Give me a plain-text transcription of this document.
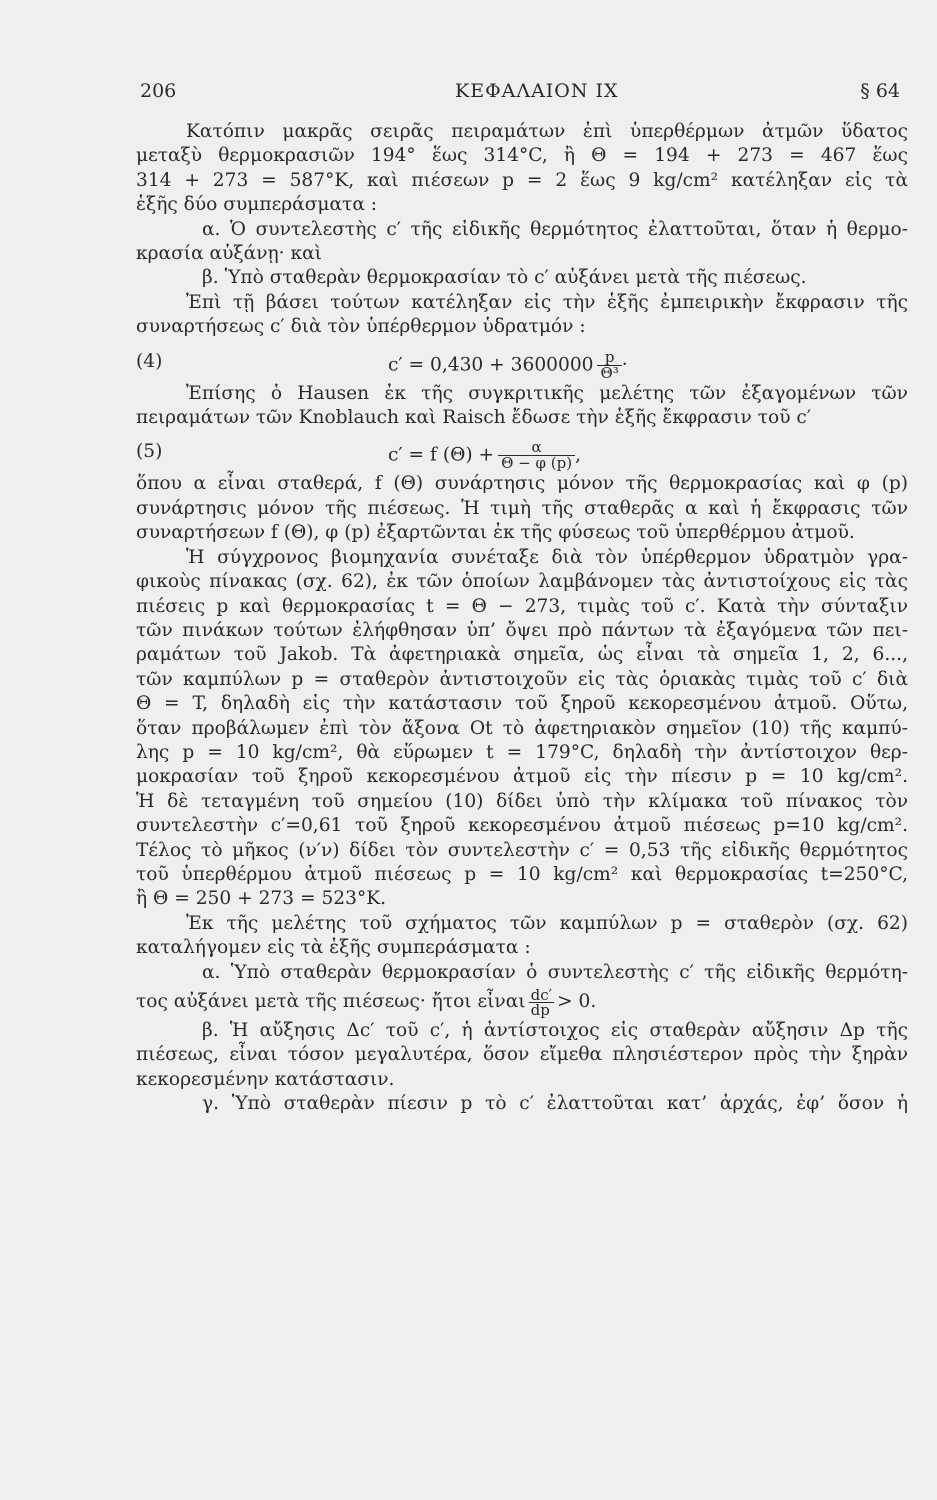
206	ΚΕΦΑΛΑΙΟΝ ΙΧ	§ 64

Κατόπιν μακρᾶς σειρᾶς πειραμάτων ἐπὶ ὑπερθέρμων ἀτμῶν ὕδατος

μεταξὺ θερμοκρασιῶν 194° ἕως 314°C, ἢ Θ = 194 + 273 = 467 ἕως

314 + 273 = 587°K, καὶ πιέσεων p = 2 ἕως 9 kg/cm² κατέληξαν εἰς τὰ

ἑξῆς δύο συμπεράσματα :

α. Ὁ συντελεστὴς c′ τῆς εἰδικῆς θερμότητος ἐλαττοῦται, ὅταν ἡ θερμο-

κρασία αὐξάνῃ· καὶ

β. Ὑπὸ σταθερὰν θερμοκρασίαν τὸ c′ αὐξάνει μετὰ τῆς πιέσεως.

Ἐπὶ τῇ βάσει τούτων κατέληξαν εἰς τὴν ἑξῆς ἐμπειρικὴν ἔκφρασιν τῆς

συναρτήσεως c′ διὰ τὸν ὑπέρθερμον ὑδρατμόν :

(4)	$c' = 0,430 + 3600000 \frac{p}{\text{Θ³}}$ ·

Ἐπίσης ὁ Hausen ἐκ τῆς συγκριτικῆς μελέτης τῶν ἐξαγομένων τῶν

πειραμάτων τῶν Knoblauch καὶ Raisch ἔδωσε τὴν ἑξῆς ἔκφρασιν τοῦ c′

(5)	c′ = f $(\Theta) + \frac{\alpha}{\Theta - \varphi (p)}$ ,

ὅπου α εἶναι σταθερά, f (Θ) συνάρτησις μόνον τῆς θερμοκρασίας καὶ φ (p)

συνάρτησις μόνον τῆς πιέσεως. Ἡ τιμὴ τῆς σταθερᾶς α καὶ ἡ ἔκφρασις τῶν

συναρτήσεων f (Θ), φ (p) ἐξαρτῶνται ἐκ τῆς φύσεως τοῦ ὑπερθέρμου ἀτμοῦ.

Ἡ σύγχρονος βιομηχανία συνέταξε διὰ τὸν ὑπέρθερμον ὑδρατμὸν γρα-

φικοὺς πίνακας (σχ. 62), ἐκ τῶν ὁποίων λαμβάνομεν τὰς ἀντιστοίχους εἰς τὰς

πιέσεις p καὶ θερμοκρασίας t = Θ − 273, τιμὰς τοῦ c′. Κατὰ τὴν σύνταξιν

τῶν πινάκων τούτων ἐλήφθησαν ὑπ’ ὄψει πρὸ πάντων τὰ ἐξαγόμενα τῶν πει-

ραμάτων τοῦ Jakob. Τὰ ἀφετηριακὰ σημεῖα, ὡς εἶναι τὰ σημεῖα 1, 2, 6...,

τῶν καμπύλων p = σταθερὸν ἀντιστοιχοῦν εἰς τὰς ὁριακὰς τιμὰς τοῦ c′ διὰ

Θ = T, δηλαδὴ εἰς τὴν κατάστασιν τοῦ ξηροῦ κεκορεσμένου ἀτμοῦ. Οὕτω,

ὅταν προβάλωμεν ἐπὶ τὸν ἄξονα Ot τὸ ἀφετηριακὸν σημεῖον (10) τῆς καμπύ-

λης p = 10 kg/cm², θὰ εὕρωμεν t = 179°C, δηλαδὴ τὴν ἀντίστοιχον θερ-

μοκρασίαν τοῦ ξηροῦ κεκορεσμένου ἀτμοῦ εἰς τὴν πίεσιν p = 10 kg/cm².

Ἡ δὲ τεταγμένη τοῦ σημείου (10) δίδει ὑπὸ τὴν κλίμακα τοῦ πίνακος τὸν

συντελεστὴν c′=0,61 τοῦ ξηροῦ κεκορεσμένου ἀτμοῦ πιέσεως p=10 kg/cm².

Τέλος τὸ μῆκος (ν′ν) δίδει τὸν συντελεστὴν c′ = 0,53 τῆς εἰδικῆς θερμότητος

τοῦ ὑπερθέρμου ἀτμοῦ πιέσεως p = 10 kg/cm² καὶ θερμοκρασίας t=250°C,

ἢ Θ = 250 + 273 = 523°K.

Ἐκ τῆς μελέτης τοῦ σχήματος τῶν καμπύλων p = σταθερὸν (σχ. 62)

καταλήγομεν εἰς τὰ ἑξῆς συμπεράσματα :

α. Ὑπὸ σταθερὰν θερμοκρασίαν ὁ συντελεστὴς c′ τῆς εἰδικῆς θερμότη-

τος αὐξάνει μετὰ τῆς πιέσεως· ἤτοι εἶναι $\frac{dc'}{dp} > 0$.

β. Ἡ αὔξησις Δc′ τοῦ c′, ἡ ἀντίστοιχος εἰς σταθερὰν αὔξησιν Δp τῆς

πιέσεως, εἶναι τόσον μεγαλυτέρα, ὅσον εἴμεθα πλησιέστερον πρὸς τὴν ξηρὰν

κεκορεσμένην κατάστασιν.

γ. Ὑπὸ σταθερὰν πίεσιν p τὸ c′ ἐλαττοῦται κατ’ ἀρχάς, ἐφ’ ὅσον ἡ
